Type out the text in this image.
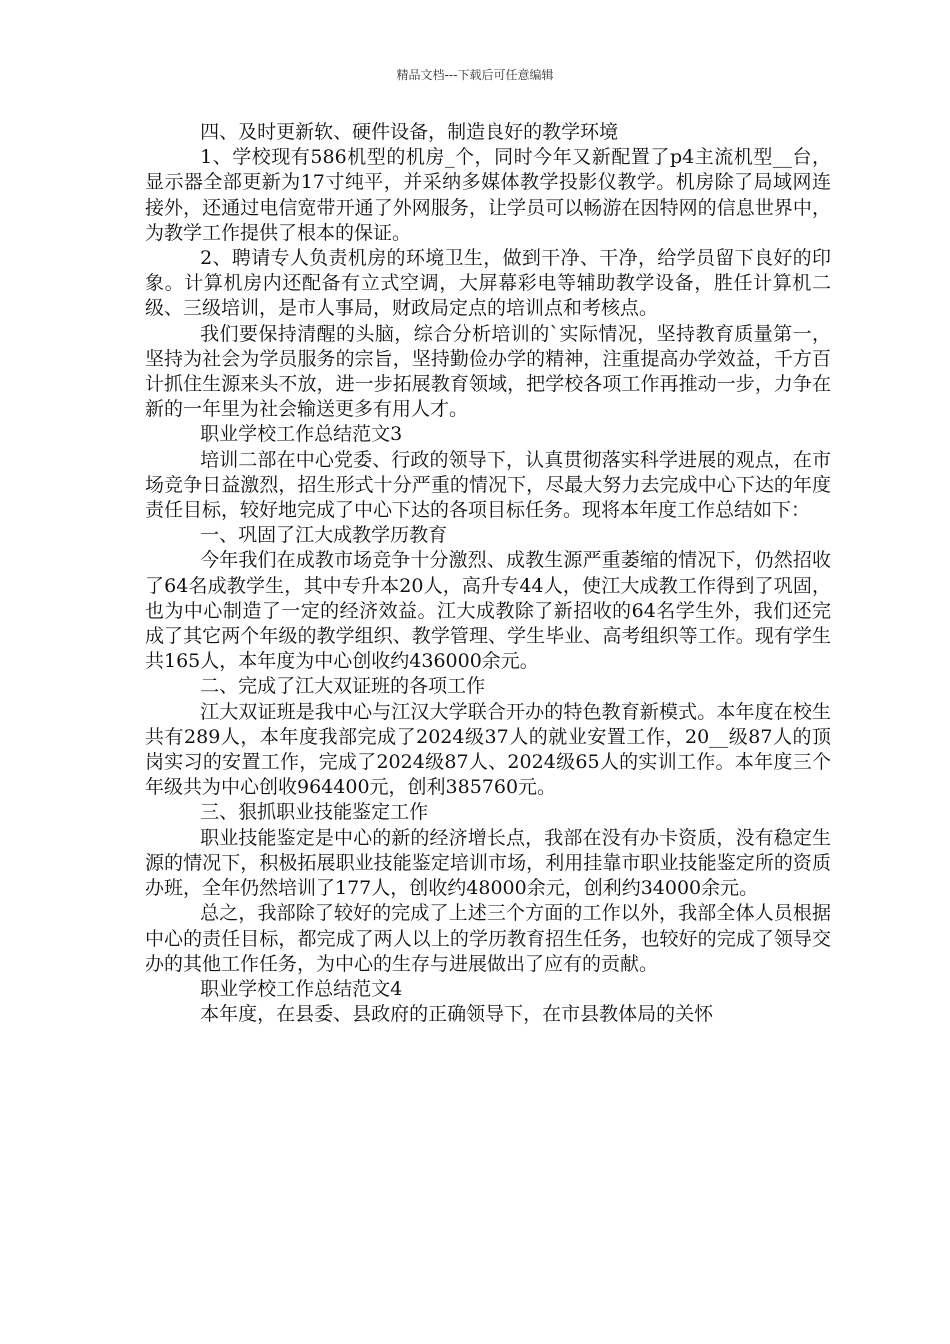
精品文档---下载后可任意编辑

四、及时更新软、硬件设备，制造良好的教学环境

1、学校现有586机型的机房_个，同时今年又新配置了p4主流机型__台，显示器全部更新为17寸纯平，并采纳多媒体教学投影仪教学。机房除了局域网连接外，还通过电信宽带开通了外网服务，让学员可以畅游在因特网的信息世界中，为教学工作提供了根本的保证。

2、聘请专人负责机房的环境卫生，做到干净、干净，给学员留下良好的印象。计算机房内还配备有立式空调，大屏幕彩电等辅助教学设备，胜任计算机二级、三级培训，是市人事局，财政局定点的培训点和考核点。

我们要保持清醒的头脑，综合分析培训的`实际情况，坚持教育质量第一，坚持为社会为学员服务的宗旨，坚持勤俭办学的精神，注重提高办学效益，千方百计抓住生源来头不放，进一步拓展教育领域，把学校各项工作再推动一步，力争在新的一年里为社会输送更多有用人才。

职业学校工作总结范文3

培训二部在中心党委、行政的领导下，认真贯彻落实科学进展的观点，在市场竞争日益激烈，招生形式十分严重的情况下，尽最大努力去完成中心下达的年度责任目标，较好地完成了中心下达的各项目标任务。现将本年度工作总结如下：

一、巩固了江大成教学历教育

今年我们在成教市场竞争十分激烈、成教生源严重萎缩的情况下，仍然招收了64名成教学生，其中专升本20人，高升专44人，使江大成教工作得到了巩固，也为中心制造了一定的经济效益。江大成教除了新招收的64名学生外，我们还完成了其它两个年级的教学组织、教学管理、学生毕业、高考组织等工作。现有学生共165人，本年度为中心创收约436000余元。

二、完成了江大双证班的各项工作

江大双证班是我中心与江汉大学联合开办的特色教育新模式。本年度在校生共有289人，本年度我部完成了2024级37人的就业安置工作，20__级87人的顶岗实习的安置工作，完成了2024级87人、2024级65人的实训工作。本年度三个年级共为中心创收964400元，创利385760元。

三、狠抓职业技能鉴定工作

职业技能鉴定是中心的新的经济增长点，我部在没有办卡资质，没有稳定生源的情况下，积极拓展职业技能鉴定培训市场，利用挂靠市职业技能鉴定所的资质办班，全年仍然培训了177人，创收约48000余元，创利约34000余元。

总之，我部除了较好的完成了上述三个方面的工作以外，我部全体人员根据中心的责任目标，都完成了两人以上的学历教育招生任务，也较好的完成了领导交办的其他工作任务，为中心的生存与进展做出了应有的贡献。

职业学校工作总结范文4

本年度，在县委、县政府的正确领导下，在市县教体局的关怀
